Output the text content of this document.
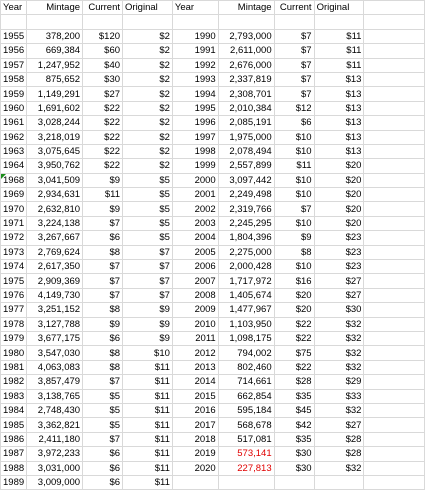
Year	Mintage	Current	Original	Year	Mintage	Current	Original	

1955	378,200	$120	$2	1990	2,793,000	$7	$11	
1956	669,384	$60	$2	1991	2,611,000	$7	$11	
1957	1,247,952	$40	$2	1992	2,676,000	$7	$11	
1958	875,652	$30	$2	1993	2,337,819	$7	$13	
1959	1,149,291	$27	$2	1994	2,308,701	$7	$13	
1960	1,691,602	$22	$2	1995	2,010,384	$12	$13	
1961	3,028,244	$22	$2	1996	2,085,191	$6	$13	
1962	3,218,019	$22	$2	1997	1,975,000	$10	$13	
1963	3,075,645	$22	$2	1998	2,078,494	$10	$13	
1964	3,950,762	$22	$2	1999	2,557,899	$11	$20	
1968	3,041,509	$9	$5	2000	3,097,442	$10	$20	
1969	2,934,631	$11	$5	2001	2,249,498	$10	$20	
1970	2,632,810	$9	$5	2002	2,319,766	$7	$20	
1971	3,224,138	$7	$5	2003	2,245,295	$10	$20	
1972	3,267,667	$6	$5	2004	1,804,396	$9	$23	
1973	2,769,624	$8	$7	2005	2,275,000	$8	$23	
1974	2,617,350	$7	$7	2006	2,000,428	$10	$23	
1975	2,909,369	$7	$7	2007	1,717,972	$16	$27	
1976	4,149,730	$7	$7	2008	1,405,674	$20	$27	
1977	3,251,152	$8	$9	2009	1,477,967	$20	$30	
1978	3,127,788	$9	$9	2010	1,103,950	$22	$32	
1979	3,677,175	$6	$9	2011	1,098,175	$22	$32	
1980	3,547,030	$8	$10	2012	794,002	$75	$32	
1981	4,063,083	$8	$11	2013	802,460	$22	$32	
1982	3,857,479	$7	$11	2014	714,661	$28	$29	
1983	3,138,765	$5	$11	2015	662,854	$35	$33	
1984	2,748,430	$5	$11	2016	595,184	$45	$32	
1985	3,362,821	$5	$11	2017	568,678	$42	$27	
1986	2,411,180	$7	$11	2018	517,081	$35	$28	
1987	3,972,233	$6	$11	2019	573,141	$30	$28	
1988	3,031,000	$6	$11	2020	227,813	$30	$32	
1989	3,009,000	$6	$11					
